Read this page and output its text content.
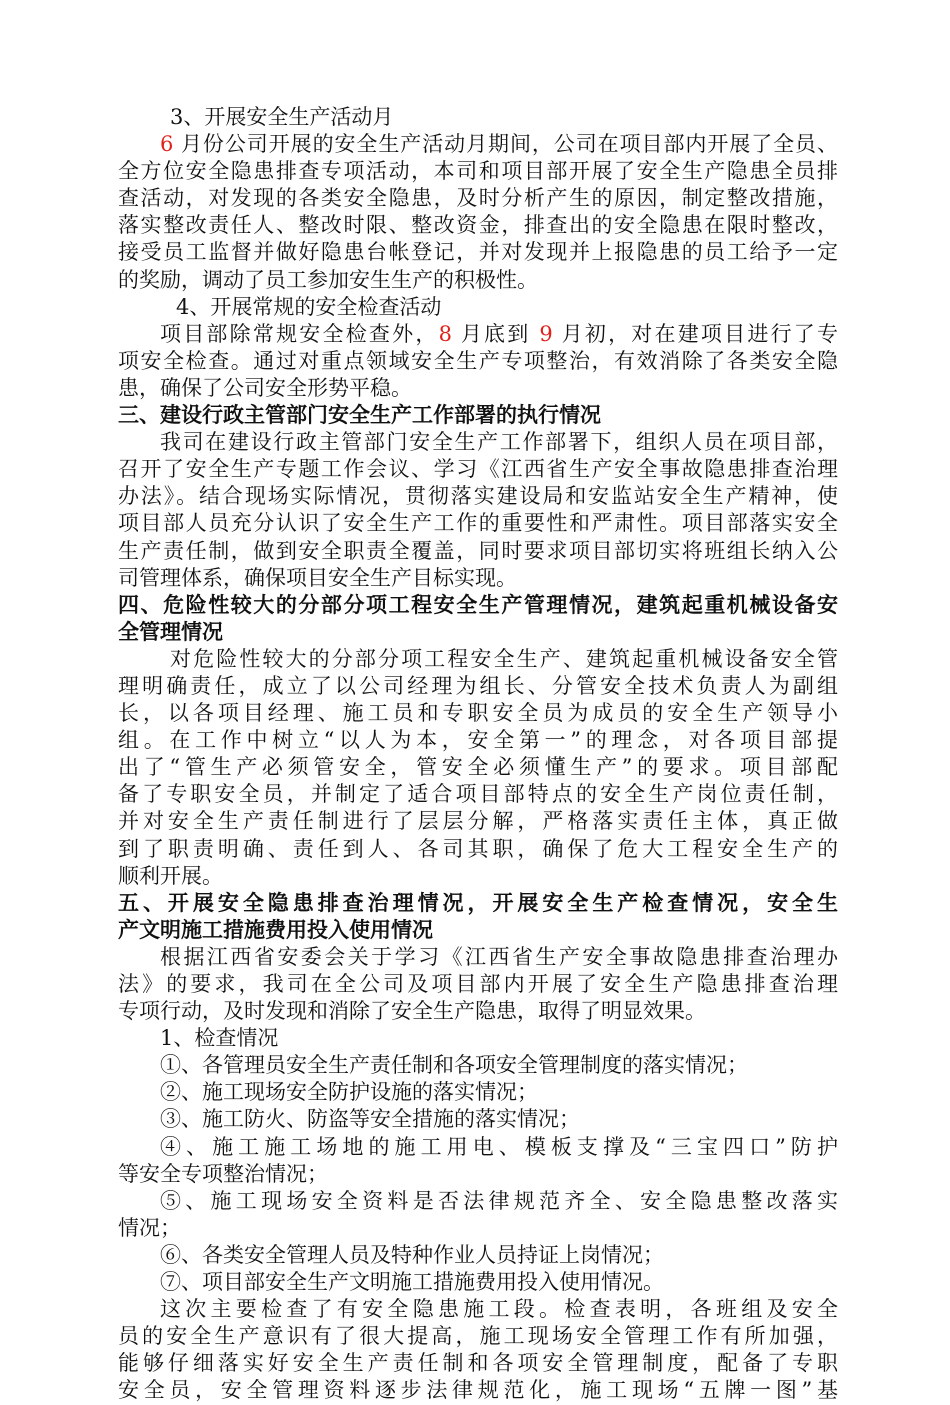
3、开展安全生产活动月
6 月份公司开展的安全生产活动月期间，公司在项目部内开展了全员、
全方位安全隐患排查专项活动，本司和项目部开展了安全生产隐患全员排
查活动，对发现的各类安全隐患，及时分析产生的原因，制定整改措施，
落实整改责任人、整改时限、整改资金，排查出的安全隐患在限时整改，
接受员工监督并做好隐患台帐登记，并对发现并上报隐患的员工给予一定
的奖励，调动了员工参加安生生产的积极性。
4、开展常规的安全检查活动
项目部除常规安全检查外，8 月底到 9 月初，对在建项目进行了专
项安全检查。通过对重点领域安全生产专项整治，有效消除了各类安全隐
患，确保了公司安全形势平稳。
三、建设行政主管部门安全生产工作部署的执行情况
我司在建设行政主管部门安全生产工作部署下，组织人员在项目部，
召开了安全生产专题工作会议、学习《江西省生产安全事故隐患排查治理
办法》。结合现场实际情况，贯彻落实建设局和安监站安全生产精神，使
项目部人员充分认识了安全生产工作的重要性和严肃性。项目部落实安全
生产责任制，做到安全职责全覆盖，同时要求项目部切实将班组长纳入公
司管理体系，确保项目安全生产目标实现。
四、危险性较大的分部分项工程安全生产管理情况，建筑起重机械设备安
全管理情况
对危险性较大的分部分项工程安全生产、建筑起重机械设备安全管
理明确责任，成立了以公司经理为组长、分管安全技术负责人为副组
长，以各项目经理、施工员和专职安全员为成员的安全生产领导小
组。在工作中树立“以人为本，安全第一”的理念，对各项目部提
出了“管生产必须管安全，管安全必须懂生产”的要求。项目部配
备了专职安全员，并制定了适合项目部特点的安全生产岗位责任制，
并对安全生产责任制进行了层层分解，严格落实责任主体，真正做
到了职责明确、责任到人、各司其职，确保了危大工程安全生产的
顺利开展。
五、开展安全隐患排查治理情况，开展安全生产检查情况，安全生
产文明施工措施费用投入使用情况
根据江西省安委会关于学习《江西省生产安全事故隐患排查治理办
法》的要求，我司在全公司及项目部内开展了安全生产隐患排查治理
专项行动，及时发现和消除了安全生产隐患，取得了明显效果。
1、检查情况
①、各管理员安全生产责任制和各项安全管理制度的落实情况；
②、施工现场安全防护设施的落实情况；
③、施工防火、防盗等安全措施的落实情况；
④、施工施工场地的施工用电、模板支撑及“三宝四口”防护
等安全专项整治情况；
⑤、施工现场安全资料是否法律规范齐全、安全隐患整改落实
情况；
⑥、各类安全管理人员及特种作业人员持证上岗情况；
⑦、项目部安全生产文明施工措施费用投入使用情况。
这次主要检查了有安全隐患施工段。检查表明，各班组及安全
员的安全生产意识有了很大提高，施工现场安全管理工作有所加强，
能够仔细落实好安全生产责任制和各项安全管理制度，配备了专职
安全员，安全管理资料逐步法律规范化，施工现场“五牌一图”基
